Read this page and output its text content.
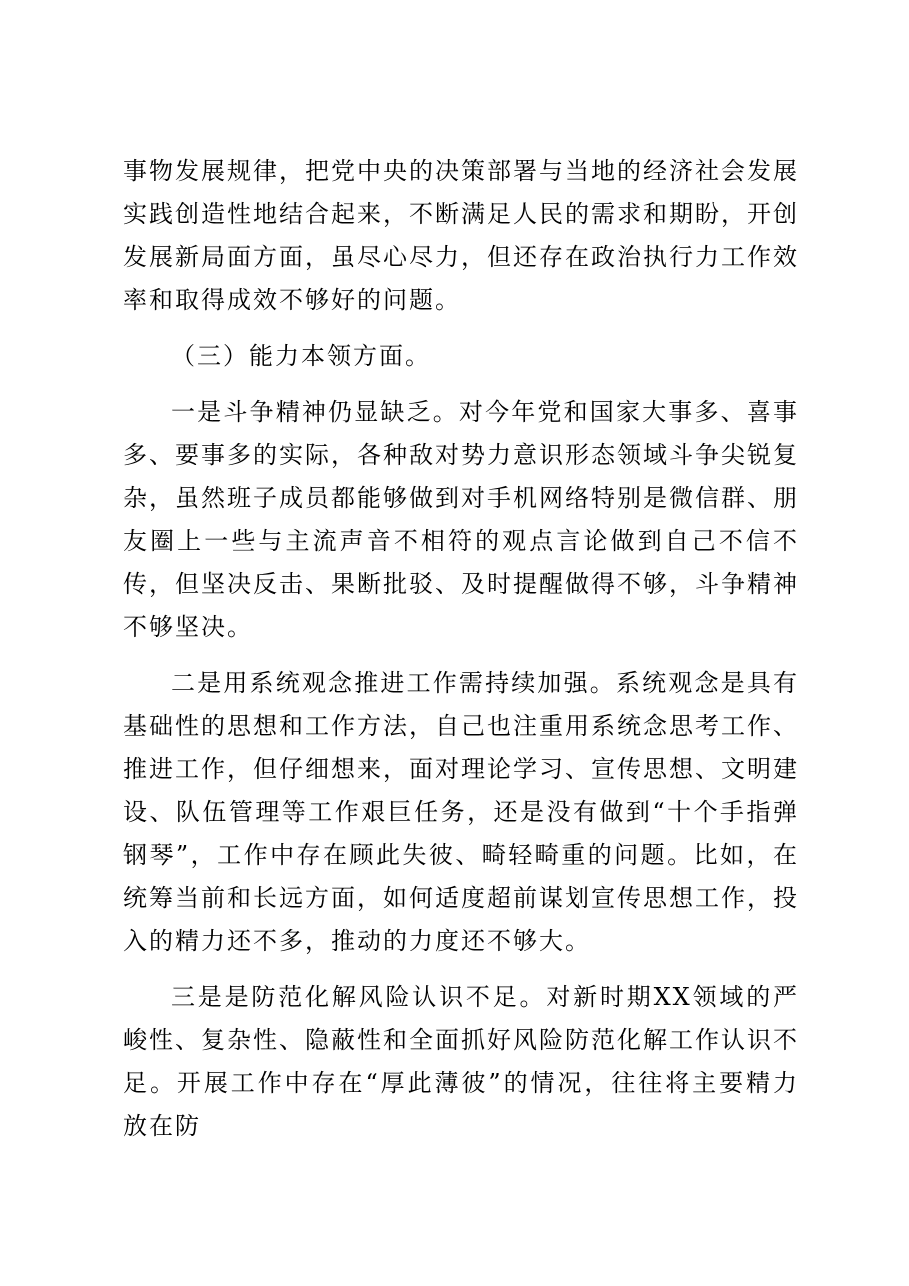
事物发展规律，把党中央的决策部署与当地的经济社会发展实践创造性地结合起来，不断满足人民的需求和期盼，开创发展新局面方面，虽尽心尽力，但还存在政治执行力工作效率和取得成效不够好的问题。

（三）能力本领方面。

一是斗争精神仍显缺乏。对今年党和国家大事多、喜事多、要事多的实际，各种敌对势力意识形态领域斗争尖锐复杂，虽然班子成员都能够做到对手机网络特别是微信群、朋友圈上一些与主流声音不相符的观点言论做到自己不信不传，但坚决反击、果断批驳、及时提醒做得不够，斗争精神不够坚决。

二是用系统观念推进工作需持续加强。系统观念是具有基础性的思想和工作方法，自己也注重用系统念思考工作、推进工作，但仔细想来，面对理论学习、宣传思想、文明建设、队伍管理等工作艰巨任务，还是没有做到“十个手指弹钢琴”，工作中存在顾此失彼、畸轻畸重的问题。比如，在统筹当前和长远方面，如何适度超前谋划宣传思想工作，投入的精力还不多，推动的力度还不够大。

三是是防范化解风险认识不足。对新时期XX领域的严峻性、复杂性、隐蔽性和全面抓好风险防范化解工作认识不足。开展工作中存在“厚此薄彼”的情况，往往将主要精力放在防
